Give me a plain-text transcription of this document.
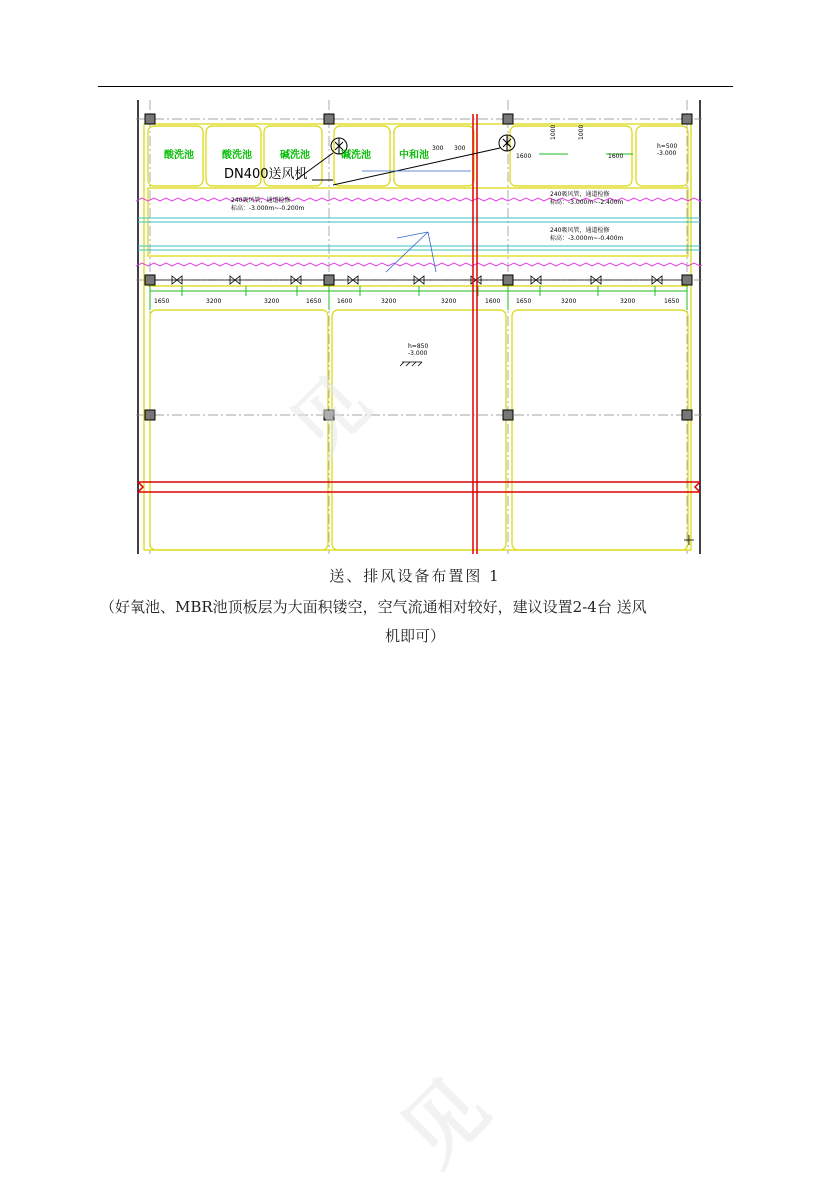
酸洗池	酸洗池	碱洗池	碱洗池	中和池
DN400送风机
1650	3200	3200	1650	1600	3200	3200	1600	1650	3200	3200	1650
1600	1600
1000	1000
300 300	h=500
-3.000
h=850
-3.000
240吸风管，通道检修
标高：-3.000m~-0.200m
240吸风管，通道检修
标高：-3.000m~-2.400m
240吸风管，通道检修
标高：-3.000m~-0.400m
见
见
送、排风设备布置图 1
（好氧池、MBR池顶板层为大面积镂空，空气流通相对较好，建议设置2-4台 送风
机即可）
